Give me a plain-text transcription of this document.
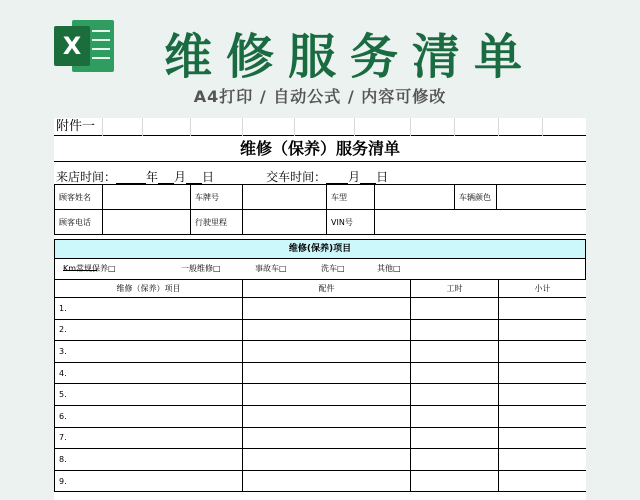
X	维修服务清单
A4打印 / 自动公式 / 内容可修改
附件一
维修（保养）服务清单
来店时间：	年 月 日	交车时间： 月 日
顾客姓名		车牌号		车型		车辆颜色	
顾客电话		行驶里程		VIN号			
维修(保养)项目
Km常规保养□	一般维修□	事故车□	洗车□	其他□
维修（保养）项目	配件	工时	小计
1.			
2.			
3.			
4.			
5.			
6.			
7.			
8.			
9.			
